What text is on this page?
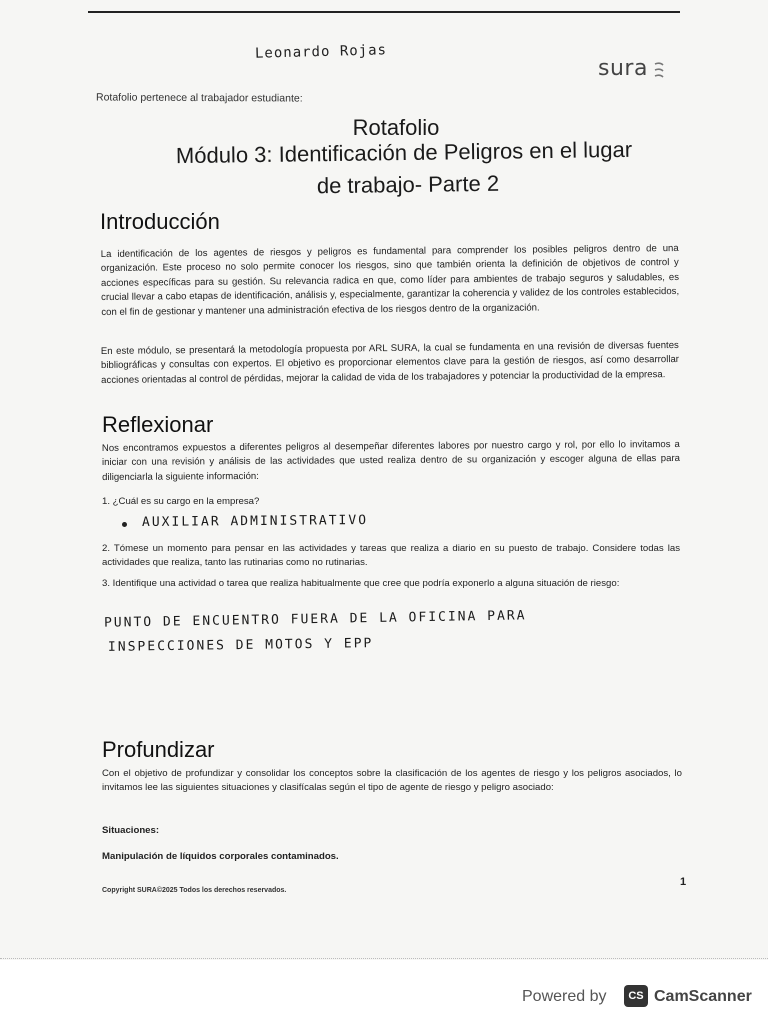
Leonardo Rojas
sura
Rotafolio pertenece al trabajador estudiante:
Rotafolio
Módulo 3: Identificación de Peligros en el lugar
de trabajo- Parte 2
Introducción
La identificación de los agentes de riesgos y peligros es fundamental para comprender los posibles peligros dentro de una organización. Este proceso no solo permite conocer los riesgos, sino que también orienta la definición de objetivos de control y acciones específicas para su gestión. Su relevancia radica en que, como líder para ambientes de trabajo seguros y saludables, es crucial llevar a cabo etapas de identificación, análisis y, especialmente, garantizar la coherencia y validez de los controles establecidos, con el fin de gestionar y mantener una administración efectiva de los riesgos dentro de la organización.
En este módulo, se presentará la metodología propuesta por ARL SURA, la cual se fundamenta en una revisión de diversas fuentes bibliográficas y consultas con expertos. El objetivo es proporcionar elementos clave para la gestión de riesgos, así como desarrollar acciones orientadas al control de pérdidas, mejorar la calidad de vida de los trabajadores y potenciar la productividad de la empresa.
Reflexionar
Nos encontramos expuestos a diferentes peligros al desempeñar diferentes labores por nuestro cargo y rol, por ello lo invitamos a iniciar con una revisión y análisis de las actividades que usted realiza dentro de su organización y escoger alguna de ellas para diligenciarla la siguiente información:
1. ¿Cuál es su cargo en la empresa?
AUXILIAR ADMINISTRATIVO
2. Tómese un momento para pensar en las actividades y tareas que realiza a diario en su puesto de trabajo. Considere todas las actividades que realiza, tanto las rutinarias como no rutinarias.
3. Identifique una actividad o tarea que realiza habitualmente que cree que podría exponerlo a alguna situación de riesgo:
PUNTO DE ENCUENTRO FUERA DE LA OFICINA PARA
INSPECCIONES DE MOTOS Y EPP
Profundizar
Con el objetivo de profundizar y consolidar los conceptos sobre la clasificación de los agentes de riesgo y los peligros asociados, lo invitamos lee las siguientes situaciones y clasifícalas según el tipo de agente de riesgo y peligro asociado:
Situaciones:
Manipulación de líquidos corporales contaminados.
Copyright SURA©2025 Todos los derechos reservados.
1
Powered by	CS CamScanner
